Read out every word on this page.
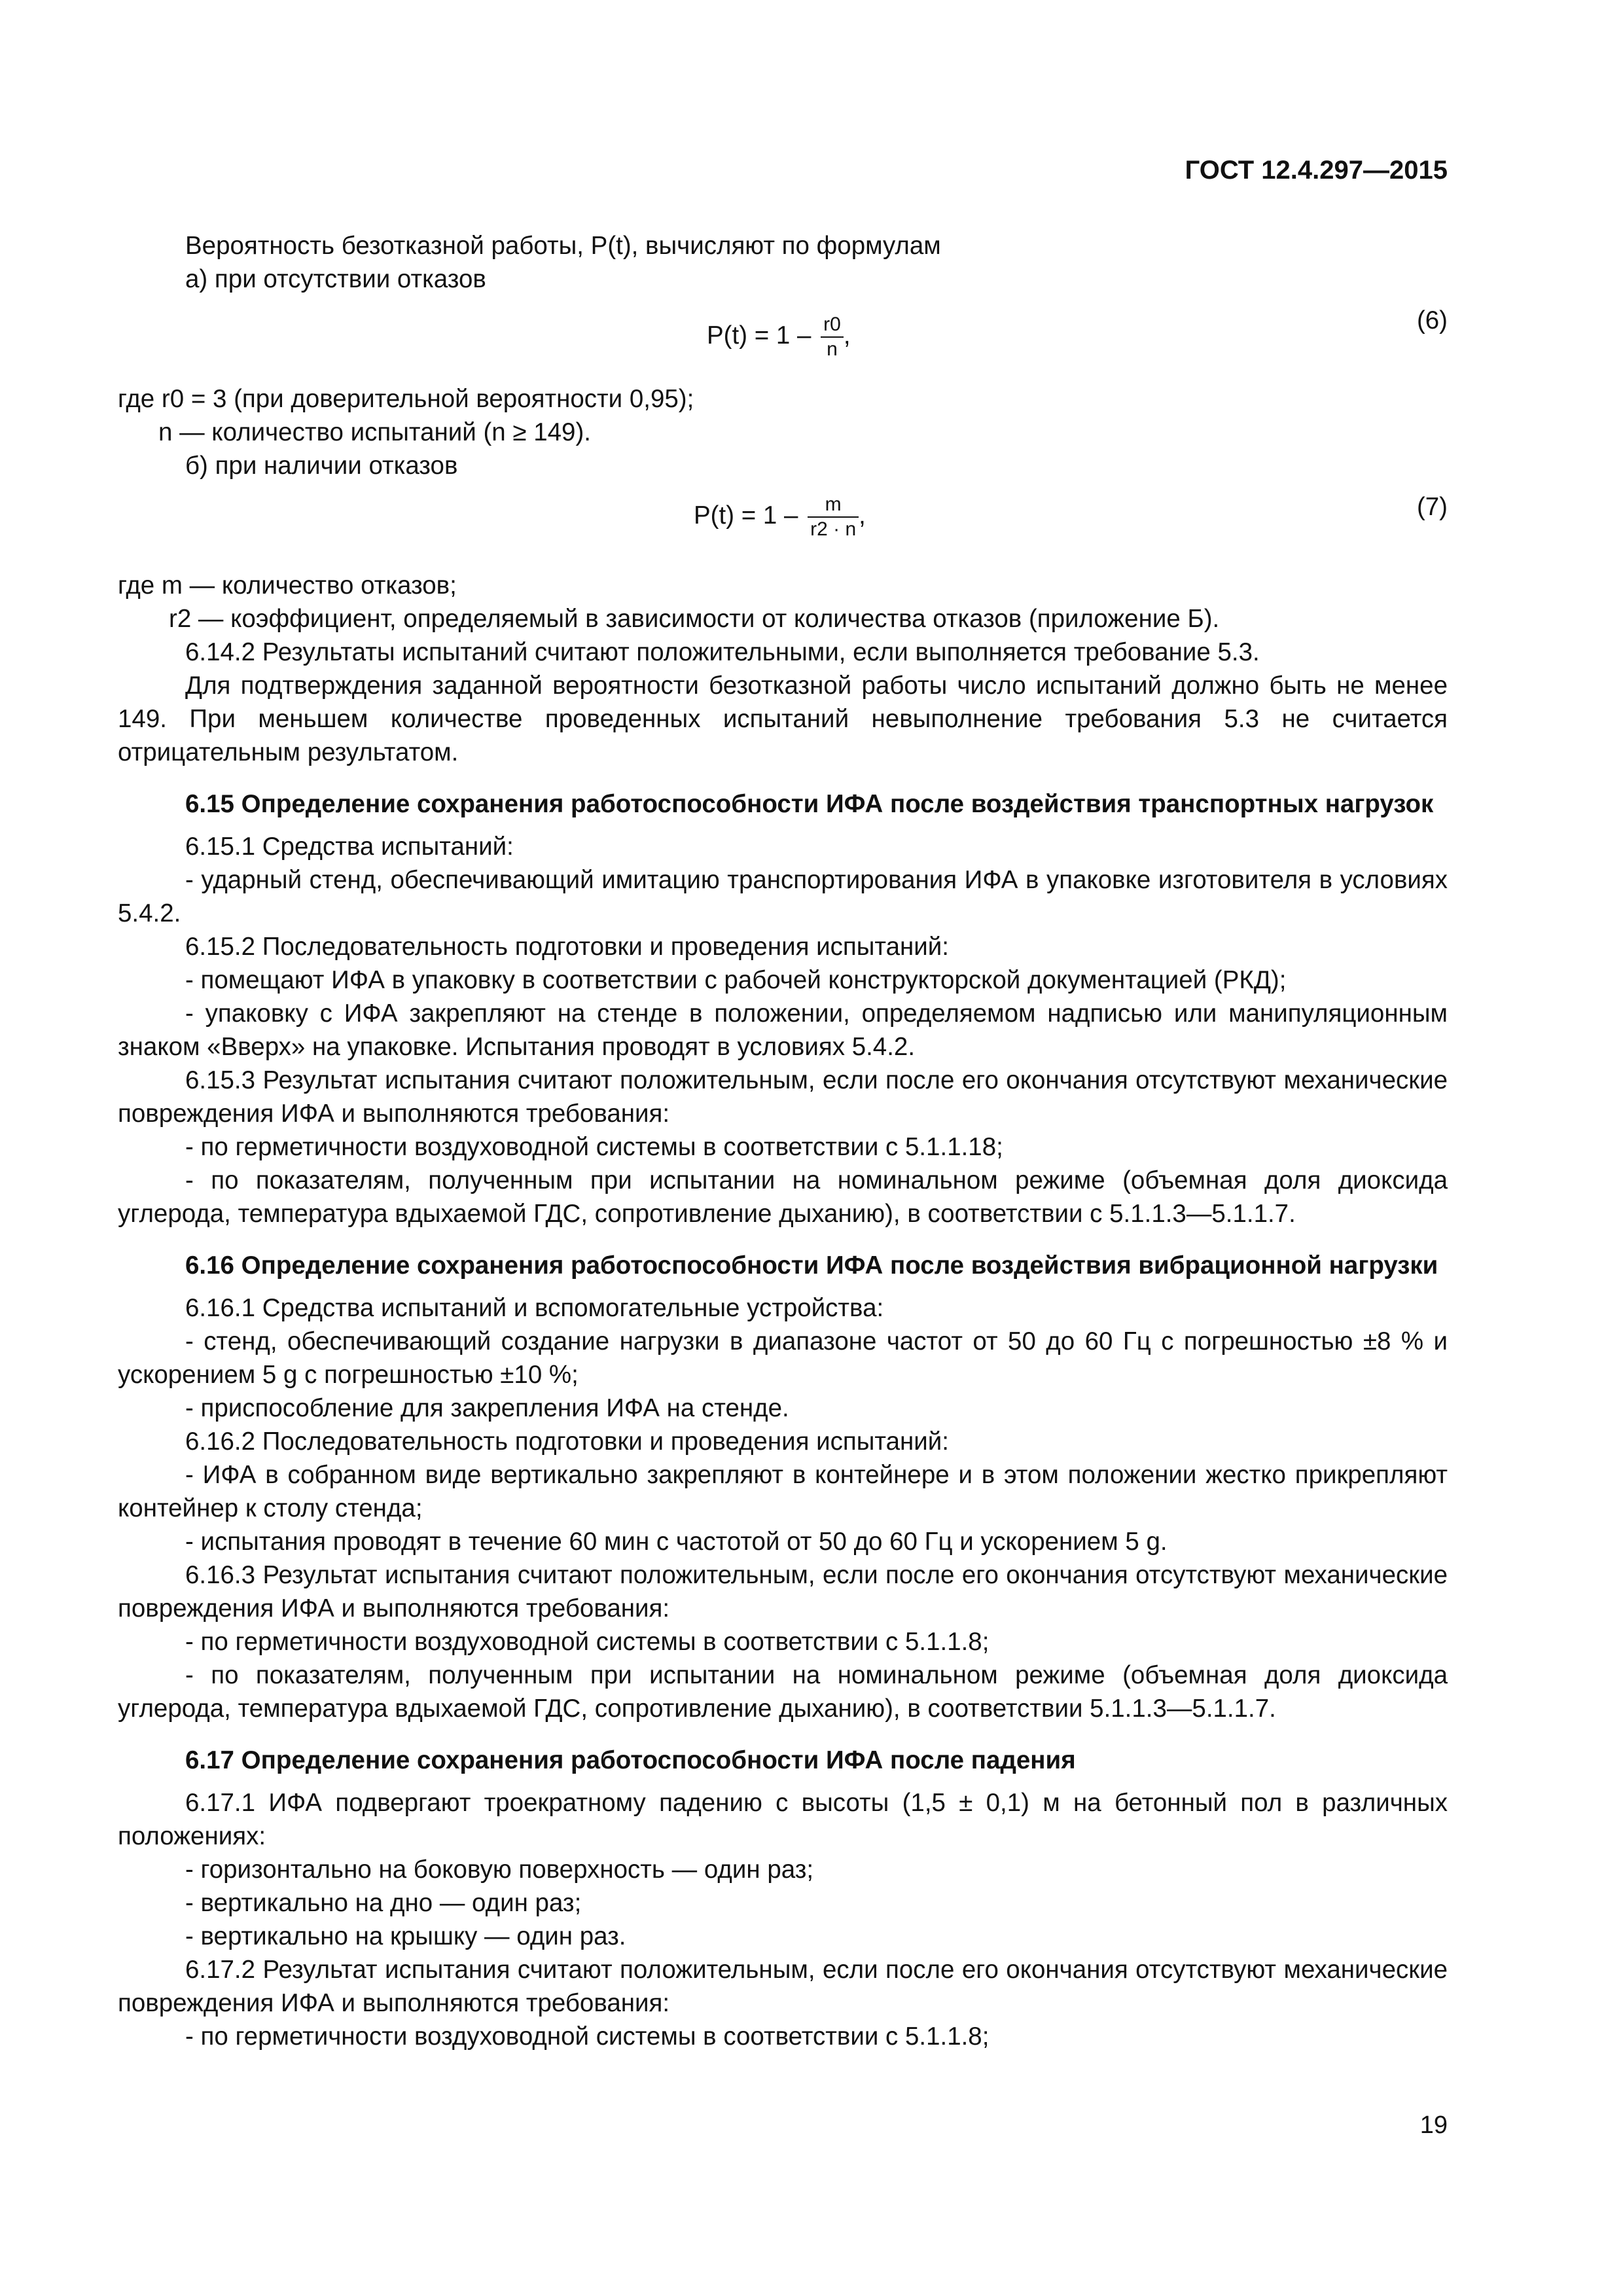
ГОСТ 12.4.297—2015

Вероятность безотказной работы, P(t), вычисляют по формулам

а) при отсутствии отказов

$P(t) = 1 - \frac{r0}{n}$ ,
(6)

где r0 = 3 (при доверительной вероятности 0,95);

n — количество испытаний (n ≥ 149).

б) при наличии отказов

$P(t) = 1 - \frac{m}{r2 \cdot n}$ ,	(7)

где m — количество отказов;

r2 — коэффициент, определяемый в зависимости от количества отказов (приложение Б).

6.14.2 Результаты испытаний считают положительными, если выполняется требование 5.3.

Для подтверждения заданной вероятности безотказной работы число испытаний должно быть не менее 149. При меньшем количестве проведенных испытаний невыполнение требования 5.3 не считается отрицательным результатом.

6.15 Определение сохранения работоспособности ИФА после воздействия транспортных нагрузок

6.15.1 Средства испытаний:

- ударный стенд, обеспечивающий имитацию транспортирования ИФА в упаковке изготовителя в условиях 5.4.2.

6.15.2 Последовательность подготовки и проведения испытаний:

- помещают ИФА в упаковку в соответствии с рабочей конструкторской документацией (РКД);

- упаковку с ИФА закрепляют на стенде в положении, определяемом надписью или манипуляционным знаком «Вверх» на упаковке. Испытания проводят в условиях 5.4.2.

6.15.3 Результат испытания считают положительным, если после его окончания отсутствуют механические повреждения ИФА и выполняются требования:

- по герметичности воздуховодной системы в соответствии с 5.1.1.18;

- по показателям, полученным при испытании на номинальном режиме (объемная доля диоксида углерода, температура вдыхаемой ГДС, сопротивление дыханию), в соответствии с 5.1.1.3—5.1.1.7.

6.16 Определение сохранения работоспособности ИФА после воздействия вибрационной нагрузки

6.16.1 Средства испытаний и вспомогательные устройства:

- стенд, обеспечивающий создание нагрузки в диапазоне частот от 50 до 60 Гц с погрешностью ±8 % и ускорением 5 g с погрешностью ±10 %;

- приспособление для закрепления ИФА на стенде.

6.16.2 Последовательность подготовки и проведения испытаний:

- ИФА в собранном виде вертикально закрепляют в контейнере и в этом положении жестко прикрепляют контейнер к столу стенда;

- испытания проводят в течение 60 мин с частотой от 50 до 60 Гц и ускорением 5 g.

6.16.3 Результат испытания считают положительным, если после его окончания отсутствуют механические повреждения ИФА и выполняются требования:

- по герметичности воздуховодной системы в соответствии с 5.1.1.8;

- по показателям, полученным при испытании на номинальном режиме (объемная доля диоксида углерода, температура вдыхаемой ГДС, сопротивление дыханию), в соответствии 5.1.1.3—5.1.1.7.

6.17 Определение сохранения работоспособности ИФА после падения

6.17.1 ИФА подвергают троекратному падению с высоты (1,5 ± 0,1) м на бетонный пол в различных положениях:

- горизонтально на боковую поверхность — один раз;

- вертикально на дно — один раз;

- вертикально на крышку — один раз.

6.17.2 Результат испытания считают положительным, если после его окончания отсутствуют механические повреждения ИФА и выполняются требования:

- по герметичности воздуховодной системы в соответствии с 5.1.1.8;

19
